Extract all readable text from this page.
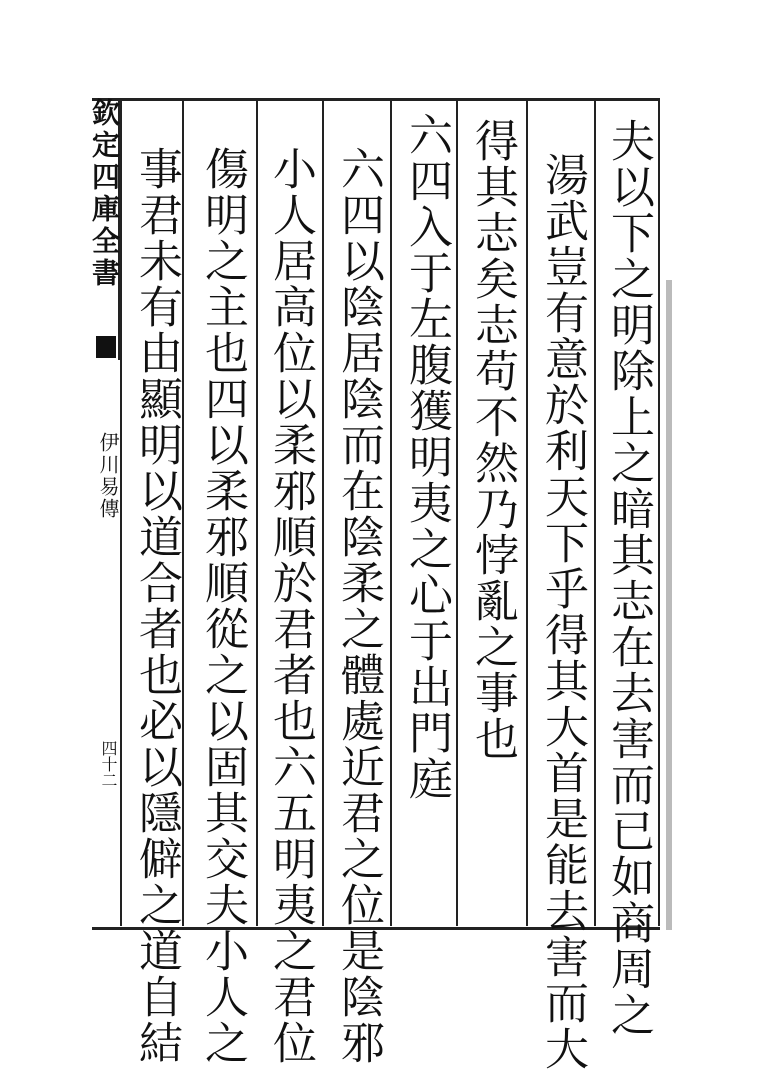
欽定四庫全書
伊川易傳
四十二	夫以下之明除上之暗其志在去害而已如商周之
湯武豈有意於利天下乎得其大首是能去害而大
得其志矣志苟不然乃悖亂之事也
六四入于左腹獲明夷之心于出門庭
六四以陰居陰而在陰柔之體處近君之位是陰邪
小人居高位以柔邪順於君者也六五明夷之君位
傷明之主也四以柔邪順從之以固其交夫小人之
事君未有由顯明以道合者也必以隱僻之道自結
